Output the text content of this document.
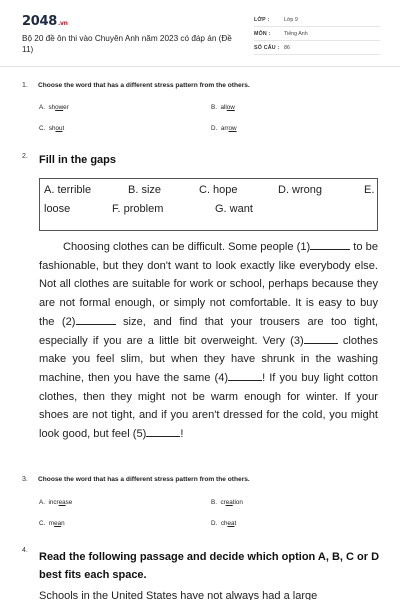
2048.vn
Bộ 20 đề ôn thi vào Chuyên Anh năm 2023 có đáp án (Đề 11)
LỚP :	Lớp 9
MÔN :	Tiếng Anh
SỐ CÂU : 86
1. Choose the word that has a different stress pattern from the others.
A. shower	B. allow
C. shout	D. arrow
2. Fill in the gaps
A. terrible	B. size	C. hope	D. wrong	E.
loose	F. problem	G. want

Choosing clothes can be difficult. Some people (1)	to be fashionable, but they don't want to look exactly like everybody else. Not all clothes are suitable for work or school, perhaps because they are not formal enough, or simply not comfortable. It is easy to buy the (2)	size, and find that your trousers are too tight, especially if you are a little bit overweight. Very (3)	clothes make you feel slim, but when they have shrunk in the washing machine, then you have the same (4)	! If you buy light cotton clothes, then they might not be warm enough for winter. If your shoes are not tight, and if you aren't dressed for the cold, you might look good, but feel (5)	!

3. Choose the word that has a different stress pattern from the others.
A. increase	B. creation
C. mean	D. cheat
4.
Read the following passage and decide which option A, B, C or D best fits each space.
Schools in the United States have not always had a large
